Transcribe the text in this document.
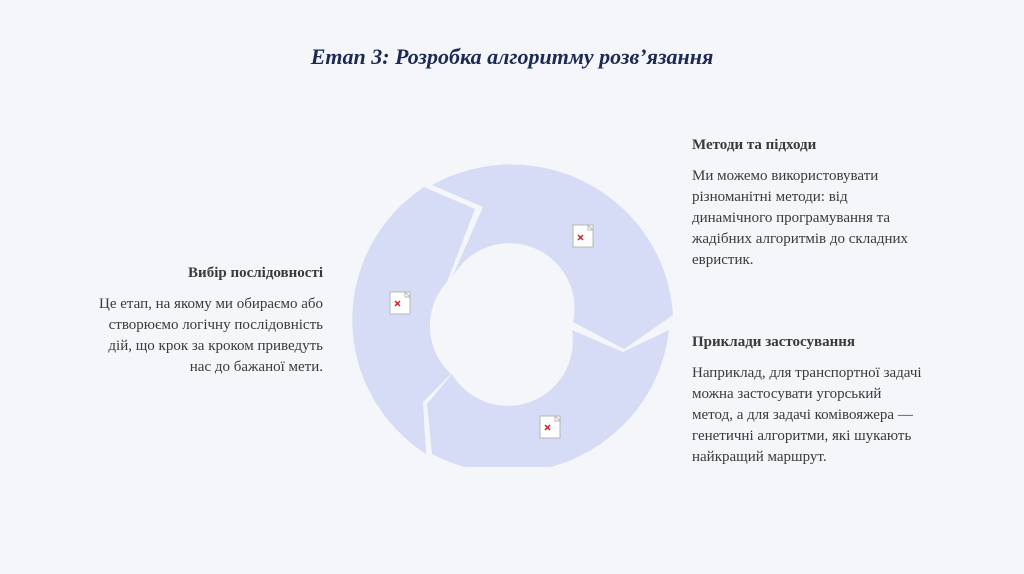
Етап 3: Розробка алгоритму розв’язання
Вибір послідовності
Це етап, на якому ми обираємо або
створюємо логічну послідовність
дій, що крок за кроком приведуть
нас до бажаної мети.
Методи та підходи
Ми можемо використовувати
різноманітні методи: від
динамічного програмування та
жадібних алгоритмів до складних
евристик.
Приклади застосування
Наприклад, для транспортної задачі
можна застосувати угорський
метод, а для задачі комівояжера —
генетичні алгоритми, які шукають
найкращий маршрут.
